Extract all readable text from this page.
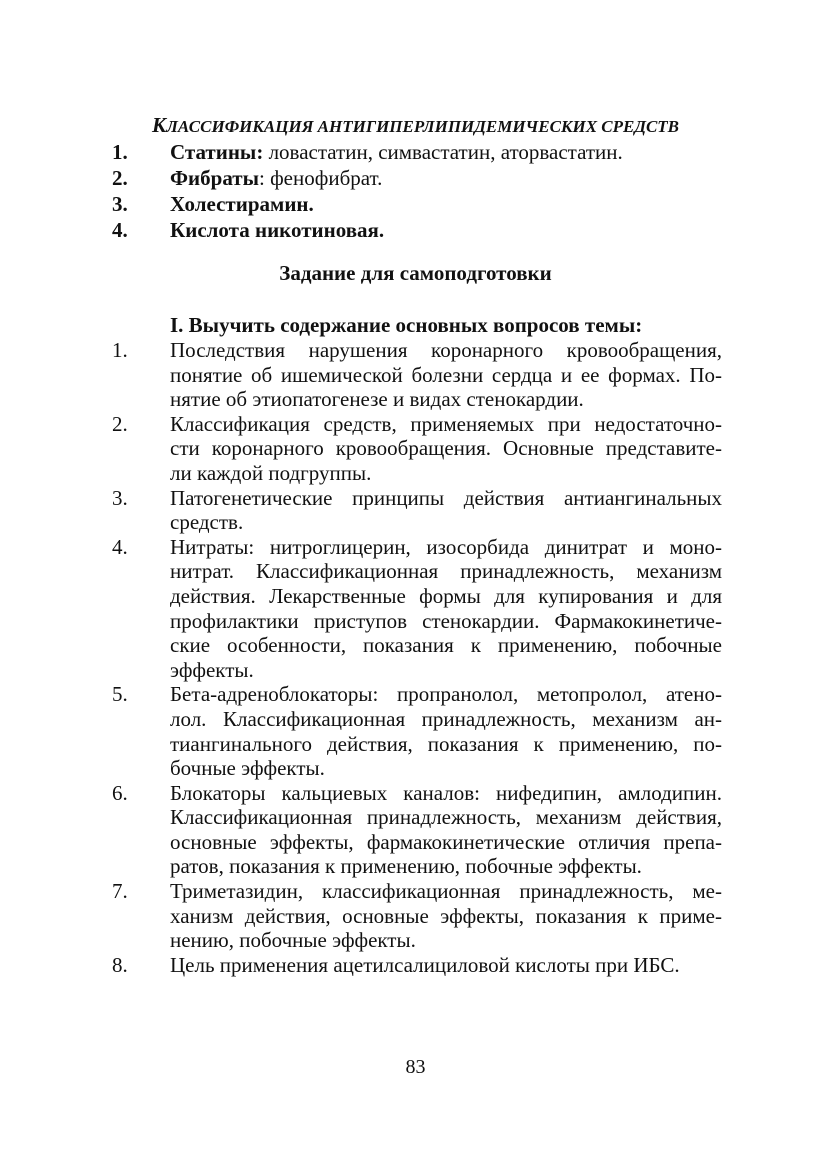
КЛАССИФИКАЦИЯ АНТИГИПЕРЛИПИДЕМИЧЕСКИХ СРЕДСТВ
1. Статины: ловастатин, симвастатин, аторвастатин.
2. Фибраты: фенофибрат.
3. Холестирамин.
4. Кислота никотиновая.
Задание для самоподготовки
I. Выучить содержание основных вопросов темы:
1. Последствия нарушения коронарного кровообращения,
понятие об ишемической болезни сердца и ее формах. По-
нятие об этиопатогенезе и видах стенокардии.
2. Классификация средств, применяемых при недостаточно-
сти коронарного кровообращения. Основные представите-
ли каждой подгруппы.
3. Патогенетические принципы действия антиангинальных
средств.
4. Нитраты: нитроглицерин, изосорбида динитрат и моно-
нитрат. Классификационная принадлежность, механизм
действия. Лекарственные формы для купирования и для
профилактики приступов стенокардии. Фармакокинетиче-
ские особенности, показания к применению, побочные
эффекты.
5. Бета-адреноблокаторы: пропранолол, метопролол, атено-
лол. Классификационная принадлежность, механизм ан-
тиангинального действия, показания к применению, по-
бочные эффекты.
6. Блокаторы кальциевых каналов: нифедипин, амлодипин.
Классификационная принадлежность, механизм действия,
основные эффекты, фармакокинетические отличия препа-
ратов, показания к применению, побочные эффекты.
7. Триметазидин, классификационная принадлежность, ме-
ханизм действия, основные эффекты, показания к приме-
нению, побочные эффекты.
8. Цель применения ацетилсалициловой кислоты при ИБС.
83
